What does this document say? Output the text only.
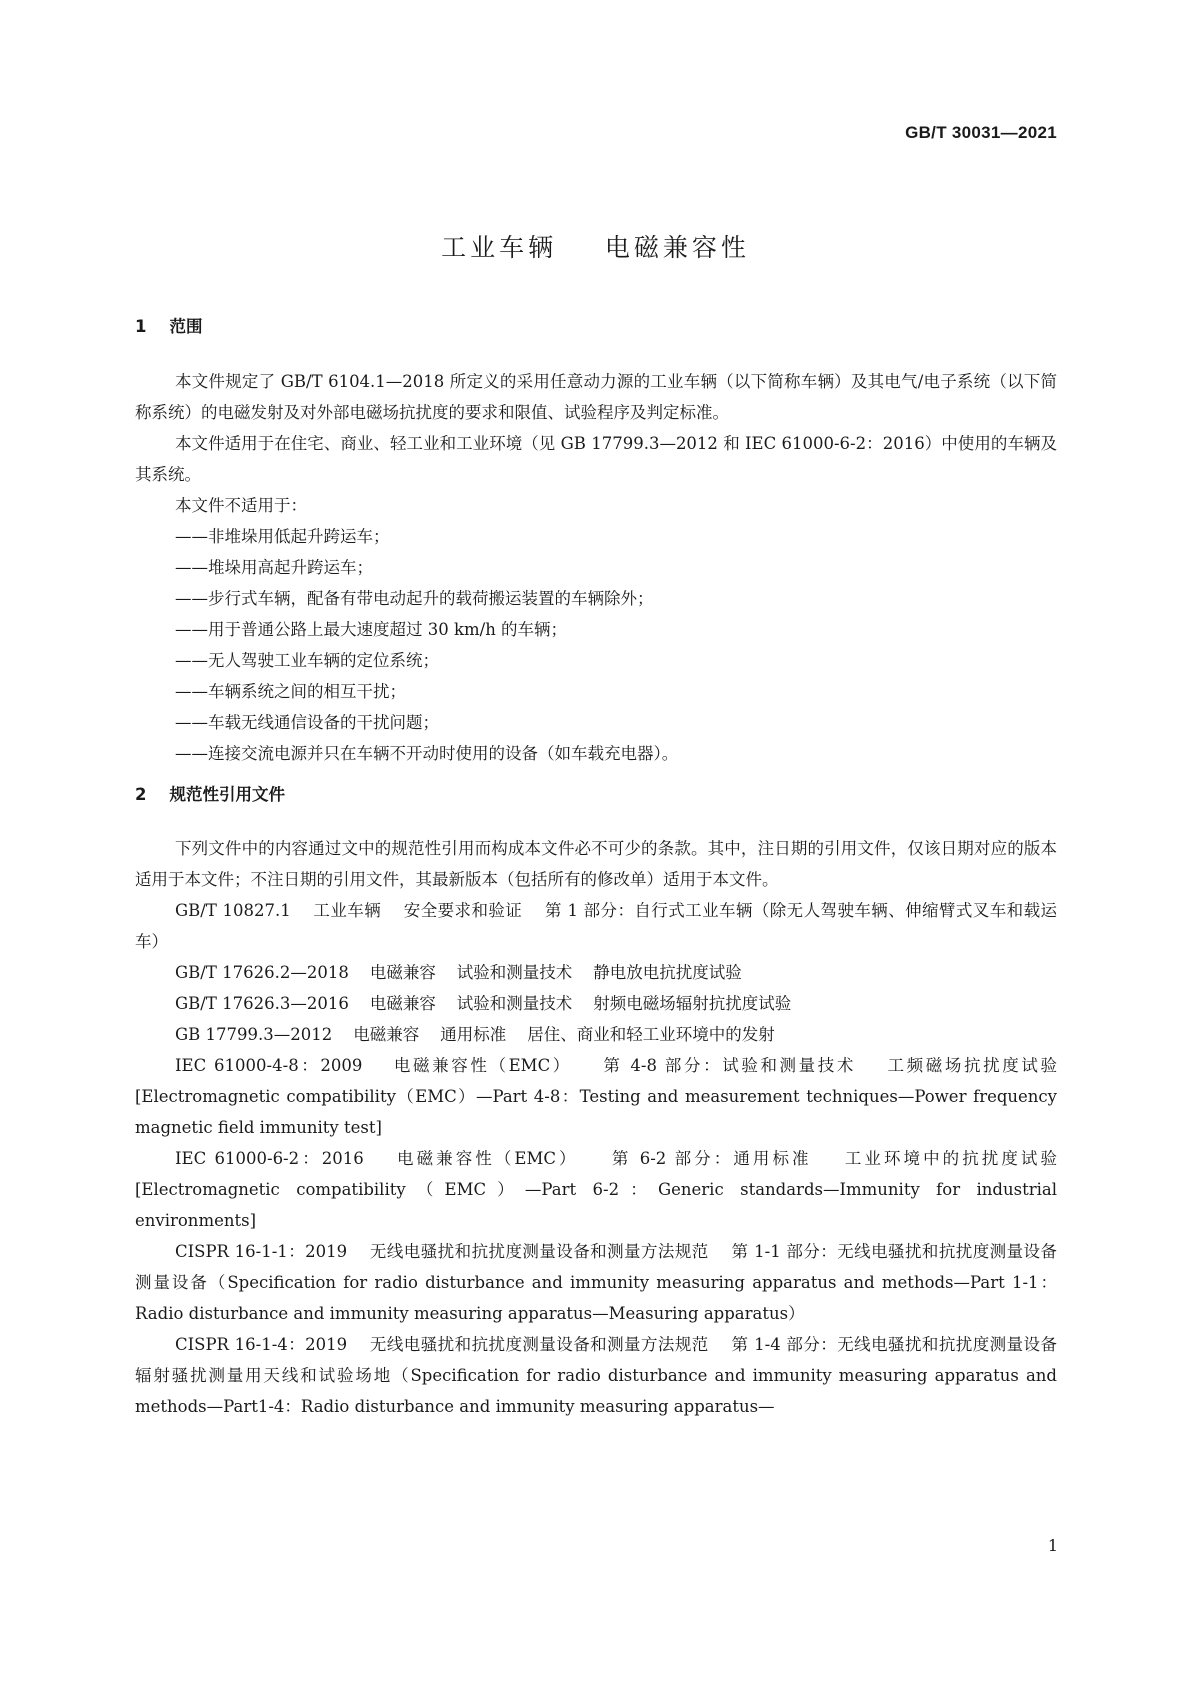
GB/T 30031—2021
工业车辆    电磁兼容性
1    范围

本文件规定了 GB/T 6104.1—2018 所定义的采用任意动力源的工业车辆（以下简称车辆）及其电气/电子系统（以下简称系统）的电磁发射及对外部电磁场抗扰度的要求和限值、试验程序及判定标准。

本文件适用于在住宅、商业、轻工业和工业环境（见 GB 17799.3—2012 和 IEC 61000-6-2：2016）中使用的车辆及其系统。

本文件不适用于：

——非堆垛用低起升跨运车；

——堆垛用高起升跨运车；

——步行式车辆，配备有带电动起升的载荷搬运装置的车辆除外；

——用于普通公路上最大速度超过 30 km/h 的车辆；

——无人驾驶工业车辆的定位系统；

——车辆系统之间的相互干扰；

——车载无线通信设备的干扰问题；

——连接交流电源并只在车辆不开动时使用的设备（如车载充电器）。

2    规范性引用文件

下列文件中的内容通过文中的规范性引用而构成本文件必不可少的条款。其中，注日期的引用文件，仅该日期对应的版本适用于本文件；不注日期的引用文件，其最新版本（包括所有的修改单）适用于本文件。

GB/T 10827.1    工业车辆    安全要求和验证    第 1 部分：自行式工业车辆（除无人驾驶车辆、伸缩臂式叉车和载运车）

GB/T 17626.2—2018    电磁兼容    试验和测量技术    静电放电抗扰度试验

GB/T 17626.3—2016    电磁兼容    试验和测量技术    射频电磁场辐射抗扰度试验

GB 17799.3—2012    电磁兼容    通用标准    居住、商业和轻工业环境中的发射

IEC 61000-4-8：2009    电磁兼容性（EMC）    第 4-8 部分：试验和测量技术    工频磁场抗扰度试验 [Electromagnetic compatibility（EMC）—Part 4-8：Testing and measurement techniques—Power frequency magnetic field immunity test]

IEC 61000-6-2：2016    电磁兼容性（EMC）    第 6-2 部分：通用标准    工业环境中的抗扰度试验 [Electromagnetic compatibility（EMC）—Part 6-2：Generic standards—Immunity for industrial environments]

CISPR 16-1-1：2019    无线电骚扰和抗扰度测量设备和测量方法规范    第 1-1 部分：无线电骚扰和抗扰度测量设备    测量设备（Specification for radio disturbance and immunity measuring apparatus and methods—Part 1-1：Radio disturbance and immunity measuring apparatus—Measuring apparatus）

CISPR 16-1-4：2019    无线电骚扰和抗扰度测量设备和测量方法规范    第 1-4 部分：无线电骚扰和抗扰度测量设备    辐射骚扰测量用天线和试验场地（Specification for radio disturbance and immunity measuring apparatus and methods—Part1-4：Radio disturbance and immunity measuring apparatus—

1
